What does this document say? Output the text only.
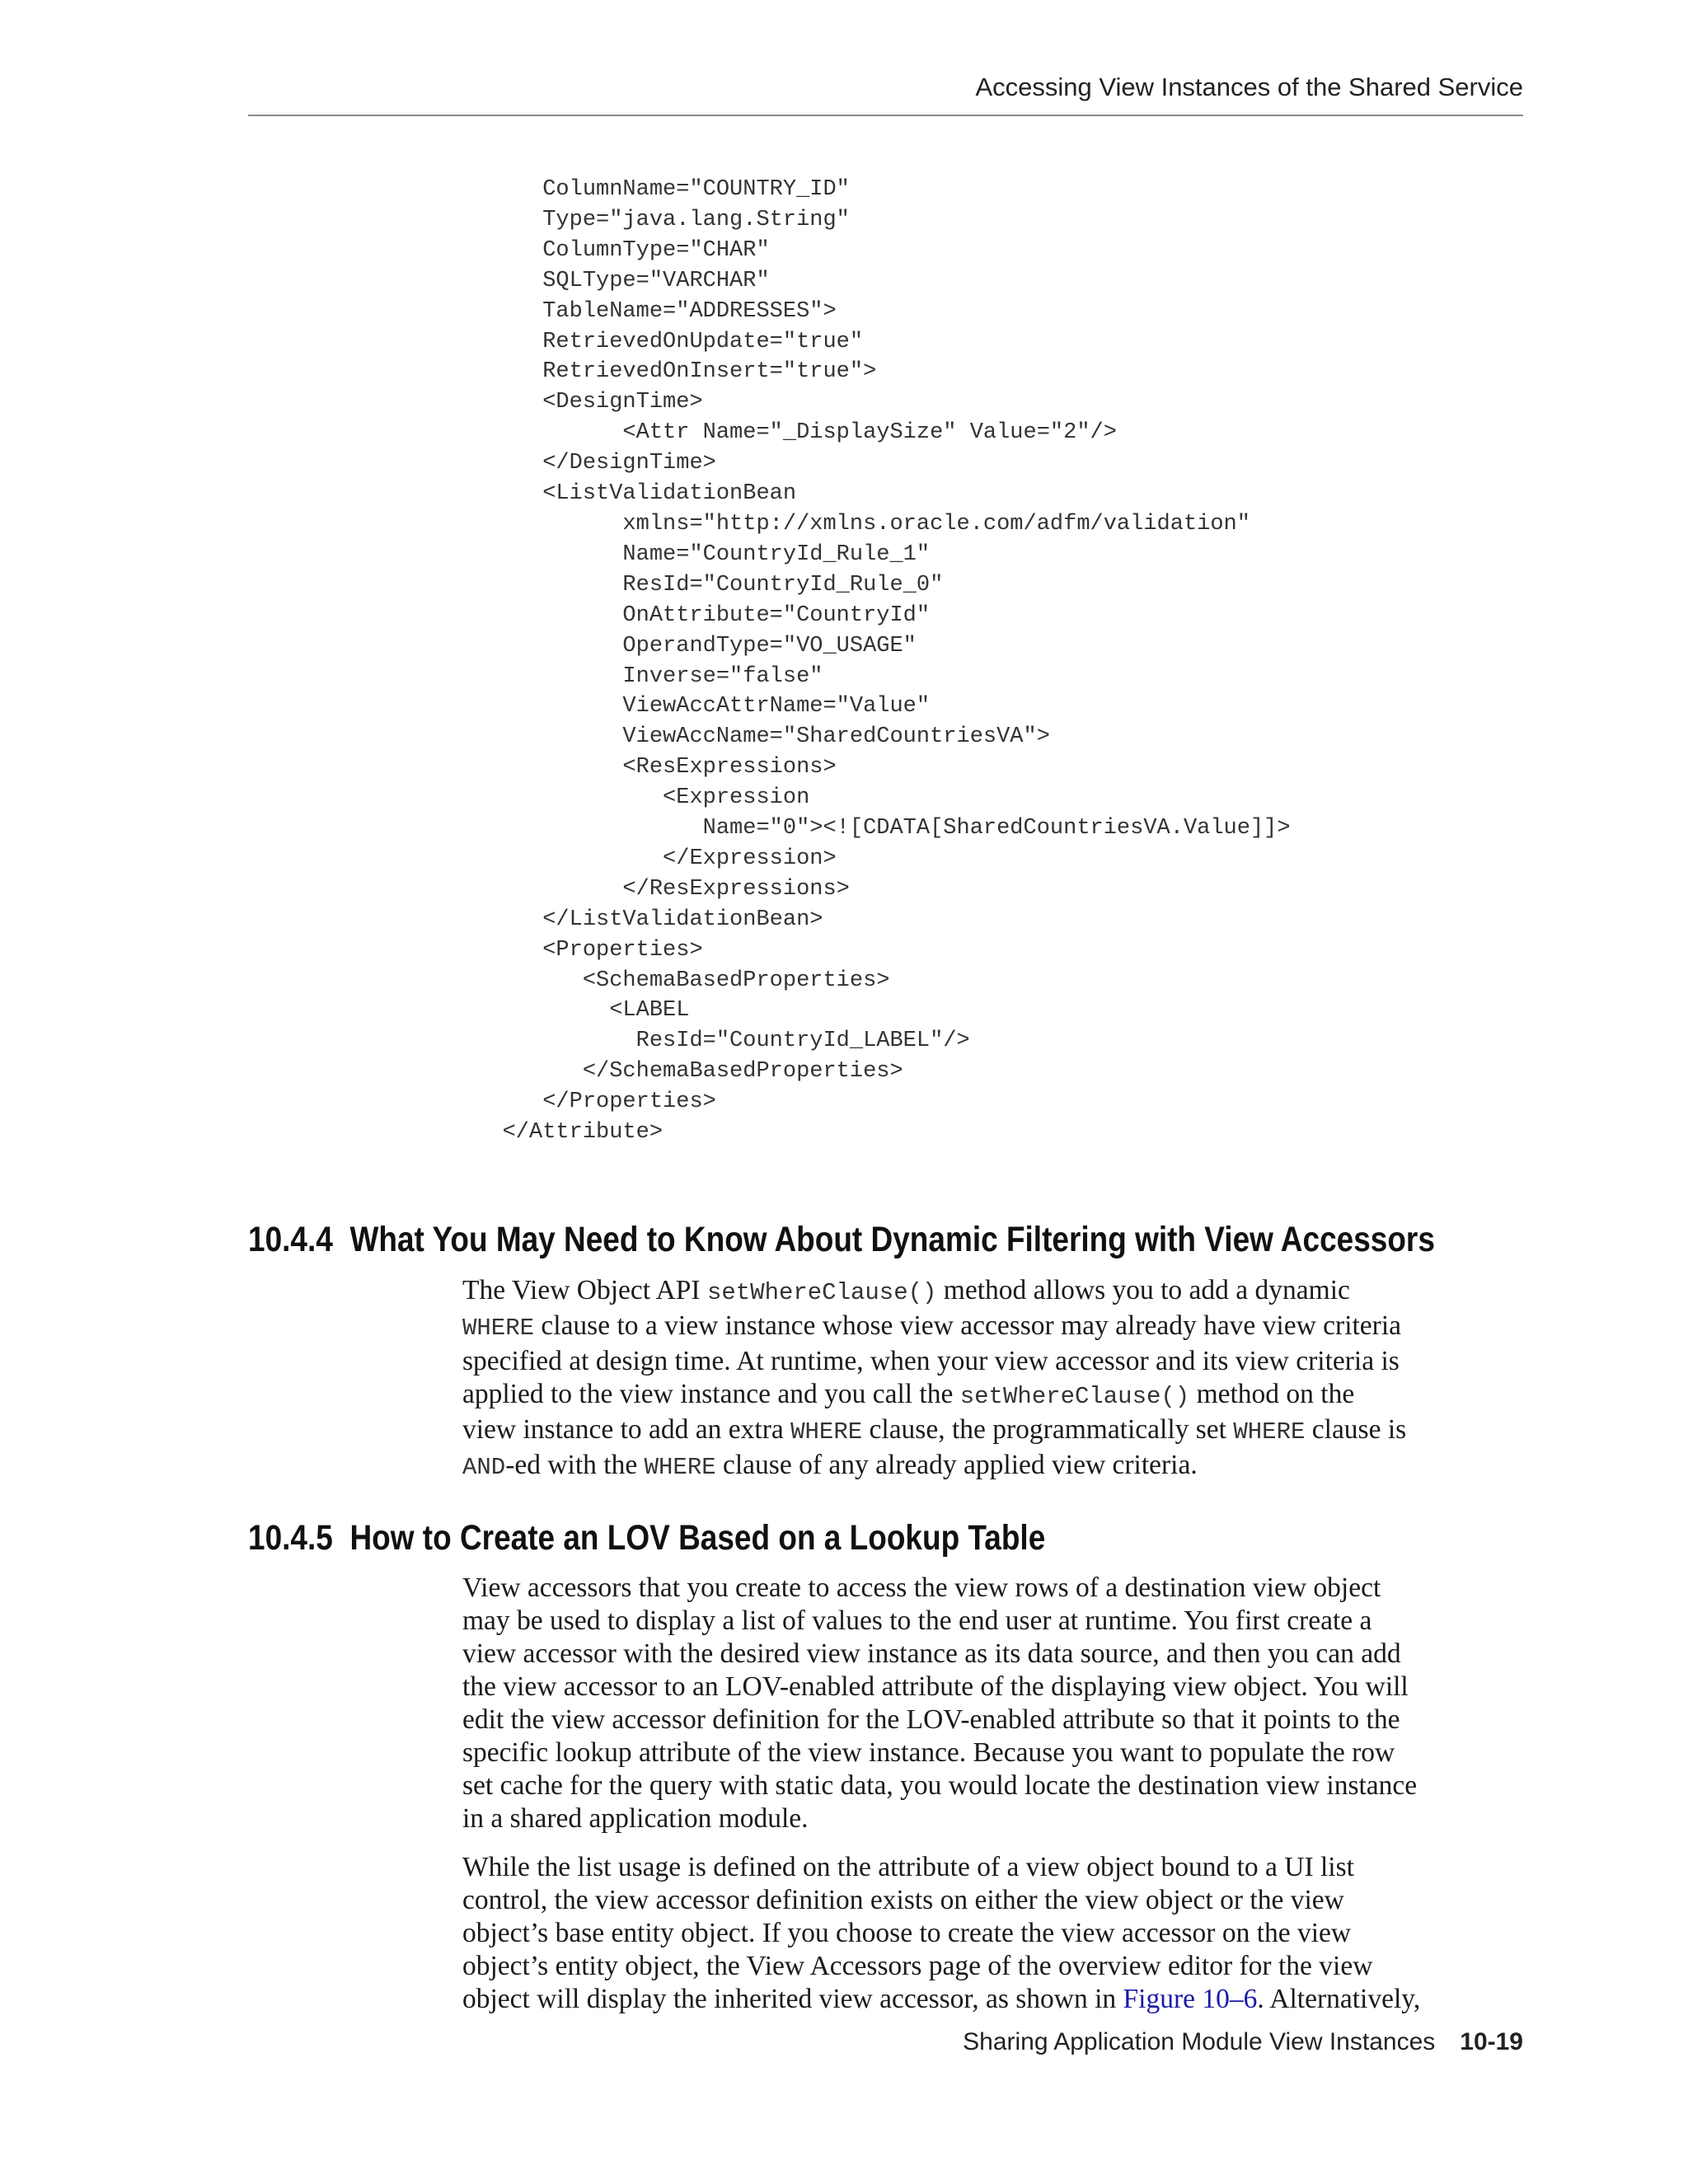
Accessing View Instances of the Shared Service
ColumnName="COUNTRY_ID"
Type="java.lang.String"
ColumnType="CHAR"
SQLType="VARCHAR"
TableName="ADDRESSES">
RetrievedOnUpdate="true"
RetrievedOnInsert="true">
<DesignTime>
<Attr Name="_DisplaySize" Value="2"/>
</DesignTime>
<ListValidationBean
xmlns="http://xmlns.oracle.com/adfm/validation"
Name="CountryId_Rule_1"
ResId="CountryId_Rule_0"
OnAttribute="CountryId"
OperandType="VO_USAGE"
Inverse="false"
ViewAccAttrName="Value"
ViewAccName="SharedCountriesVA">
<ResExpressions>
<Expression
Name="0"><![CDATA[SharedCountriesVA.Value]]>
</Expression>
</ResExpressions>
</ListValidationBean>
<Properties>
<SchemaBasedProperties>
<LABEL
ResId="CountryId_LABEL"/>
</SchemaBasedProperties>
</Properties>
</Attribute>
10.4.4 What You May Need to Know About Dynamic Filtering with View Accessors
The View Object API setWhereClause() method allows you to add a dynamic
WHERE clause to a view instance whose view accessor may already have view criteria
specified at design time. At runtime, when your view accessor and its view criteria is
applied to the view instance and you call the setWhereClause() method on the
view instance to add an extra WHERE clause, the programmatically set WHERE clause is
AND-ed with the WHERE clause of any already applied view criteria.
10.4.5 How to Create an LOV Based on a Lookup Table
View accessors that you create to access the view rows of a destination view object
may be used to display a list of values to the end user at runtime. You first create a
view accessor with the desired view instance as its data source, and then you can add
the view accessor to an LOV-enabled attribute of the displaying view object. You will
edit the view accessor definition for the LOV-enabled attribute so that it points to the
specific lookup attribute of the view instance. Because you want to populate the row
set cache for the query with static data, you would locate the destination view instance
in a shared application module.
While the list usage is defined on the attribute of a view object bound to a UI list
control, the view accessor definition exists on either the view object or the view
object’s base entity object. If you choose to create the view accessor on the view
object’s entity object, the View Accessors page of the overview editor for the view
object will display the inherited view accessor, as shown in Figure 10–6. Alternatively,
Sharing Application Module View Instances 10-19
